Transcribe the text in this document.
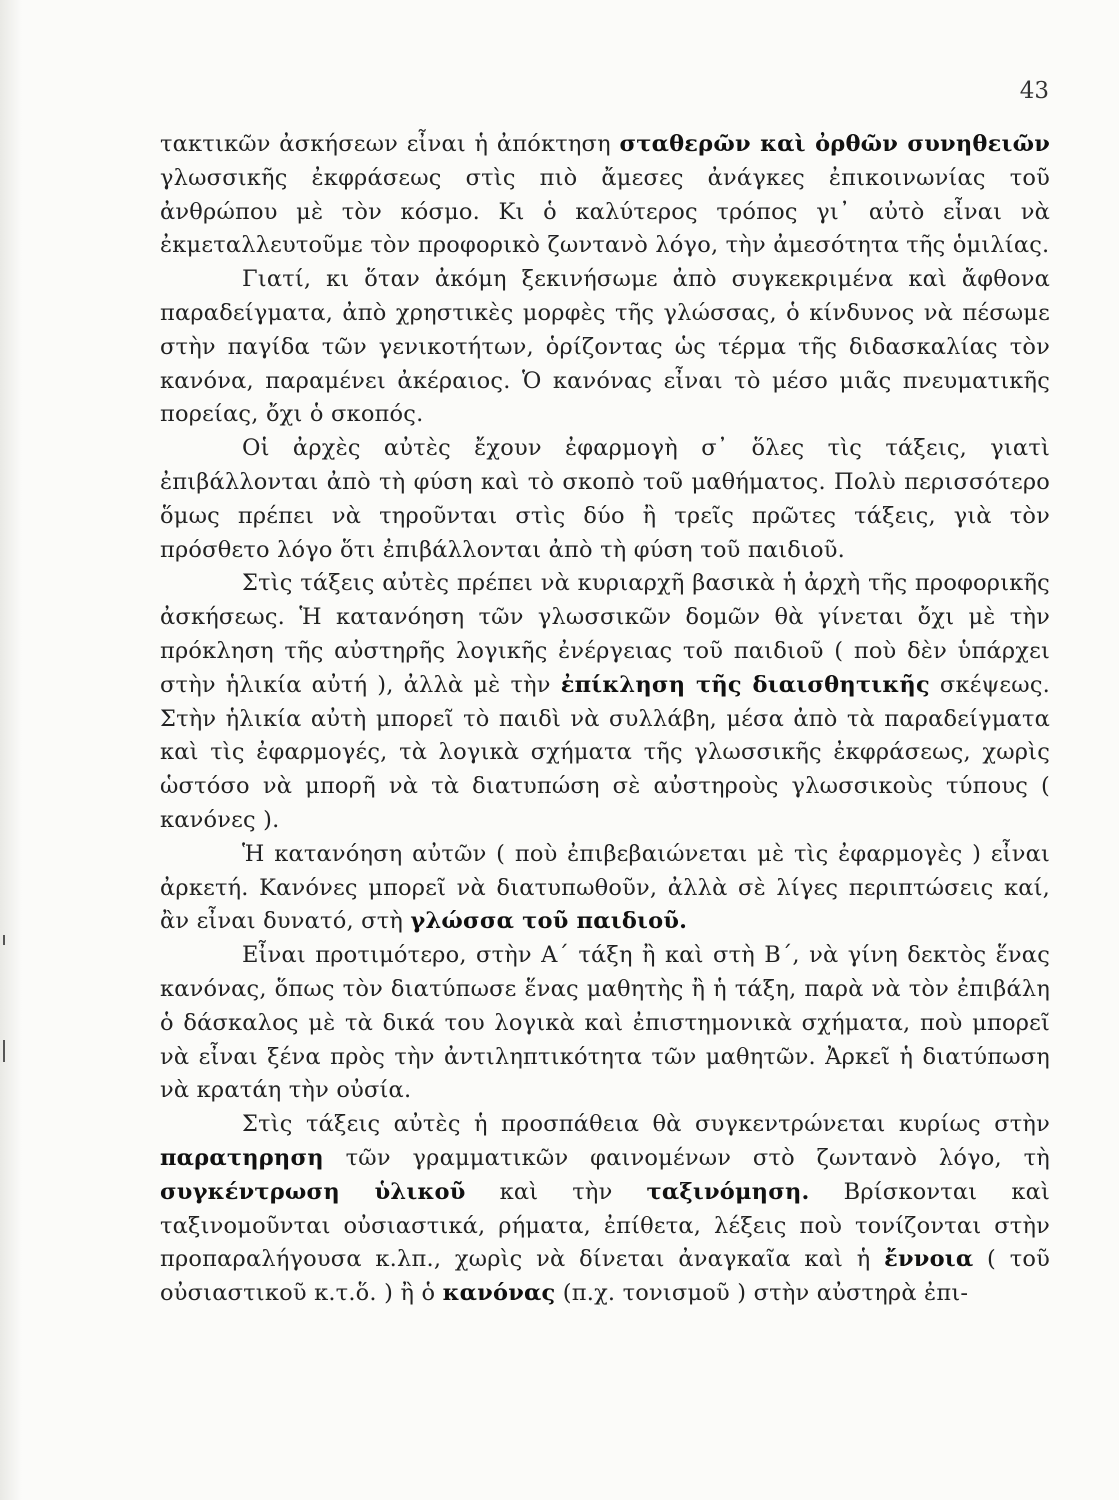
43

τακτικῶν ἀσκήσεων εἶναι ἡ ἀπόκτηση σταθερῶν καὶ ὀρθῶν συνηθειῶν γλωσσικῆς ἐκφράσεως στὶς πιὸ ἄμεσες ἀνάγκες ἐπικοινωνίας τοῦ ἀνθρώπου μὲ τὸν κόσμο. Κι ὁ καλύτερος τρόπος γι᾿ αὐτὸ εἶναι νὰ ἐκμεταλλευτοῦμε τὸν προφορικὸ ζωντανὸ λόγο, τὴν ἀμεσότητα τῆς ὁμιλίας.

Γιατί, κι ὅταν ἀκόμη ξεκινήσωμε ἀπὸ συγκεκριμένα καὶ ἄφθονα παραδείγματα, ἀπὸ χρηστικὲς μορφὲς τῆς γλώσσας, ὁ κίνδυνος νὰ πέσωμε στὴν παγίδα τῶν γενικοτήτων, ὁρίζοντας ὡς τέρμα τῆς διδασκαλίας τὸν κανόνα, παραμένει ἀκέραιος. Ὁ κανόνας εἶναι τὸ μέσο μιᾶς πνευματικῆς πορείας, ὄχι ὁ σκοπός.

Οἱ ἀρχὲς αὐτὲς ἔχουν ἐφαρμογὴ σ᾿ ὅλες τὶς τάξεις, γιατὶ ἐπιβάλλονται ἀπὸ τὴ φύση καὶ τὸ σκοπὸ τοῦ μαθήματος. Πολὺ περισσότερο ὅμως πρέπει νὰ τηροῦνται στὶς δύο ἢ τρεῖς πρῶτες τάξεις, γιὰ τὸν πρόσθετο λόγο ὅτι ἐπιβάλλονται ἀπὸ τὴ φύση τοῦ παιδιοῦ.

Στὶς τάξεις αὐτὲς πρέπει νὰ κυριαρχῆ βασικὰ ἡ ἀρχὴ τῆς προφορικῆς ἀσκήσεως. Ἡ κατανόηση τῶν γλωσσικῶν δομῶν θὰ γίνεται ὄχι μὲ τὴν πρόκληση τῆς αὐστηρῆς λογικῆς ἐνέργειας τοῦ παιδιοῦ ( ποὺ δὲν ὑπάρχει στὴν ἡλικία αὐτή ), ἀλλὰ μὲ τὴν ἐπίκληση τῆς διαισθητικῆς σκέψεως. Στὴν ἡλικία αὐτὴ μπορεῖ τὸ παιδὶ νὰ συλλάβη, μέσα ἀπὸ τὰ παραδείγματα καὶ τὶς ἐφαρμογές, τὰ λογικὰ σχήματα τῆς γλωσσικῆς ἐκφράσεως, χωρὶς ὡστόσο νὰ μπορῆ νὰ τὰ διατυπώση σὲ αὐστηροὺς γλωσσικοὺς τύπους ( κανόνες ).

Ἡ κατανόηση αὐτῶν ( ποὺ ἐπιβεβαιώνεται μὲ τὶς ἐφαρμογὲς ) εἶναι ἀρκετή. Κανόνες μπορεῖ νὰ διατυπωθοῦν, ἀλλὰ σὲ λίγες περιπτώσεις καί, ἂν εἶναι δυνατό, στὴ γλώσσα τοῦ παιδιοῦ.

Εἶναι προτιμότερο, στὴν Α΄ τάξη ἢ καὶ στὴ Β΄, νὰ γίνη δεκτὸς ἕνας κανόνας, ὅπως τὸν διατύπωσε ἕνας μαθητὴς ἢ ἡ τάξη, παρὰ νὰ τὸν ἐπιβάλη ὁ δάσκαλος μὲ τὰ δικά του λογικὰ καὶ ἐπιστημονικὰ σχήματα, ποὺ μπορεῖ νὰ εἶναι ξένα πρὸς τὴν ἀντιληπτικότητα τῶν μαθητῶν. Ἀρκεῖ ἡ διατύπωση νὰ κρατάη τὴν οὐσία.

Στὶς τάξεις αὐτὲς ἡ προσπάθεια θὰ συγκεντρώνεται κυρίως στὴν παρατηρηση τῶν γραμματικῶν φαινομένων στὸ ζωντανὸ λόγο, τὴ συγκέντρωση ὑλικοῦ καὶ τὴν ταξινόμηση. Βρίσκονται καὶ ταξινομοῦνται οὐσιαστικά, ρήματα, ἐπίθετα, λέξεις ποὺ τονίζονται στὴν προπαραλήγουσα κ.λπ., χωρὶς νὰ δίνεται ἀναγκαῖα καὶ ἡ ἔννοια ( τοῦ οὐσιαστικοῦ κ.τ.ὅ. ) ἢ ὁ κανόνας (π.χ. τονισμοῦ ) στὴν αὐστηρὰ ἐπι-
